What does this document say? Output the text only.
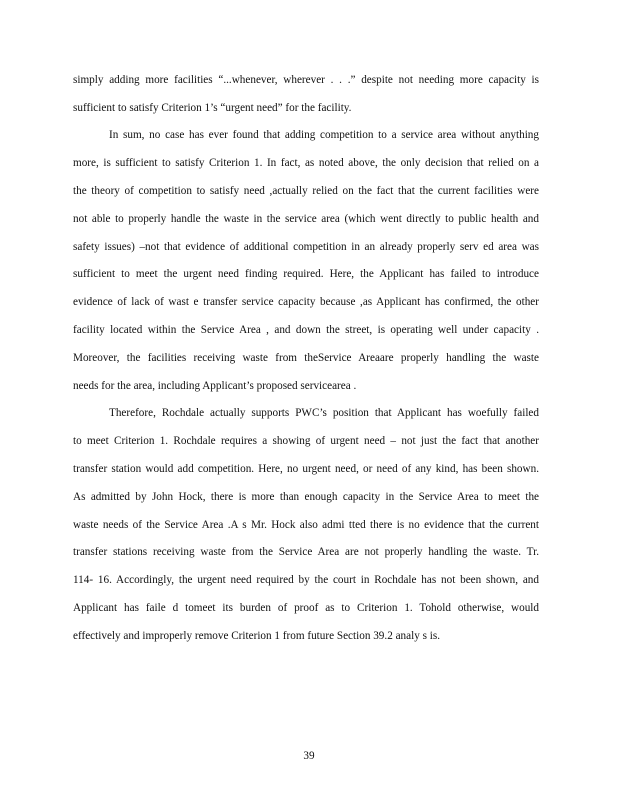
simply adding more facilities “...whenever, wherever . . .” despite not needing more capacity is

sufficient to satisfy Criterion 1’s “urgent need” for the facility.

In sum, no case has ever found that adding competition to a service area without anything

more, is sufficient to satisfy Criterion 1. In fact, as noted above, the only decision that relied on a

the theory of competition to satisfy need ,actually relied on the fact that the current facilities were

not able to properly handle the waste in the service area (which went directly to public health and

safety issues) –not that evidence of additional competition in an already properly serv ed area was

sufficient to meet the urgent need finding required. Here, the Applicant has failed to introduce

evidence of lack of wast e transfer service capacity because ,as Applicant has confirmed, the other

facility located within the Service Area , and down the street, is operating well under capacity .

Moreover, the facilities receiving waste from theService Areaare properly handling the waste

needs for the area, including Applicant’s proposed servicearea .

Therefore, Rochdale actually supports PWC’s position that Applicant has woefully failed

to meet Criterion 1. Rochdale requires a showing of urgent need – not just the fact that another

transfer station would add competition. Here, no urgent need, or need of any kind, has been shown.

As admitted by John Hock, there is more than enough capacity in the Service Area to meet the

waste needs of the Service Area .A s Mr. Hock also admi tted there is no evidence that the current

transfer stations receiving waste from the Service Area are not properly handling the waste. Tr.

114- 16. Accordingly, the urgent need required by the court in Rochdale has not been shown, and

Applicant has faile d tomeet its burden of proof as to Criterion 1. Tohold otherwise, would

effectively and improperly remove Criterion 1 from future Section 39.2 analy s is.

39
